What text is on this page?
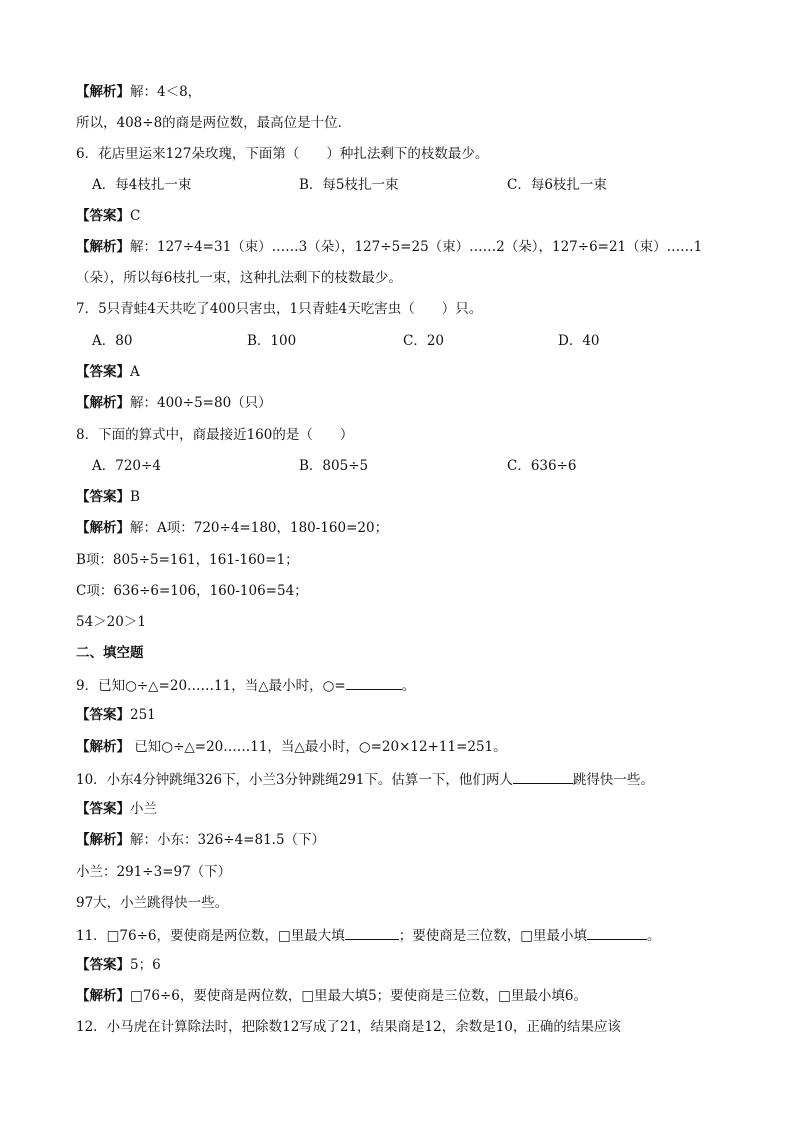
【解析】解：4＜8，
所以，408÷8的商是两位数，最高位是十位．
6．花店里运来127朵玫瑰，下面第（　　）种扎法剩下的枝数最少。
A．每4枝扎一束	B．每5枝扎一束	C．每6枝扎一束
【答案】C
【解析】解：127÷4=31（束）……3（朵），127÷5=25（束）……2（朵），127÷6=21（束）……1
（朵），所以每6枝扎一束，这种扎法剩下的枝数最少。
7．5只青蛙4天共吃了400只害虫，1只青蛙4天吃害虫（　　）只。
A．80	B．100	C．20	D．40
【答案】A
【解析】解：400÷5=80（只）
8．下面的算式中，商最接近160的是（　　）
A．720÷4	B．805÷5	C．636÷6
【答案】B
【解析】解：A项：720÷4=180，180-160=20；
B项：805÷5=161，161-160=1；
C项：636÷6=106，160-106=54；
54＞20＞1
二、填空题
9．已知○÷△=20……11，当△最小时，○=	。
【答案】251
【解析】 已知○÷△=20……11，当△最小时，○=20×12+11=251。
10．小东4分钟跳绳326下，小兰3分钟跳绳291下。估算一下，他们两人	跳得快一些。
【答案】小兰
【解析】解：小东：326÷4=81.5（下）
小兰：291÷3=97（下）
97大，小兰跳得快一些。
11．□76÷6，要使商是两位数，□里最大填	；要使商是三位数，□里最小填	。
【答案】5；6
【解析】□76÷6，要使商是两位数，□里最大填5；要使商是三位数，□里最小填6。
12．小马虎在计算除法时，把除数12写成了21，结果商是12，余数是10，正确的结果应该
